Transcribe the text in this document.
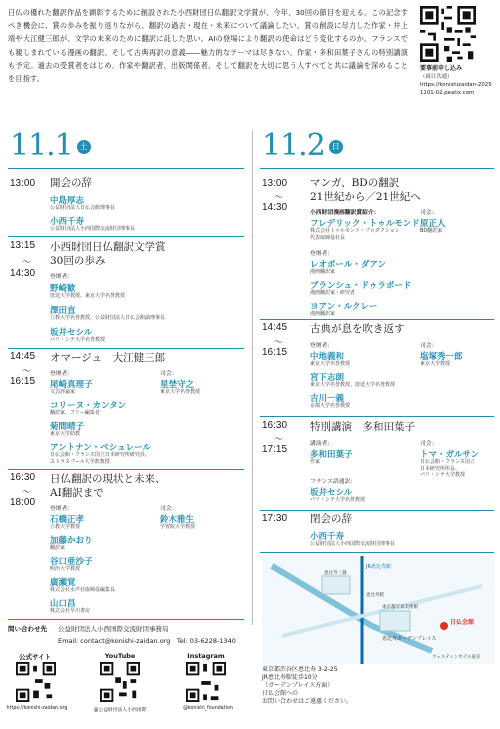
日仏の優れた翻訳作品を顕彰するために創設された小西財団日仏翻訳文学賞が、今年、30回の節目を迎える。この記念すべき機会に、賞の歩みを振り返りながら、翻訳の過去・現在・未来について議論したい。賞の創設に尽力した作家・井上靖や大江健三郎が、文学の未来のために翻訳に託した思い。AIの登場により翻訳の使命はどう変化するのか。フランスでも親しまれている漫画の翻訳、そして古典再訳の意義――魅力的なテーマは尽きない。作家・多和田葉子さんの特別講演も予定。過去の受賞者をはじめ、作家や翻訳者、出版関係者、そして翻訳を大切に思う人すべてと共に議論を深めることを目指す。
要事前申し込み
（両日共通）
https://konishizaidan-20251101-02.peatix.com
11.1 土	11.2 日
13:00 開会の辞
中島厚志
公益財団法人日仏会館理事長
小西千寿
公益財団法人小西国際交流財団理事長
13:15
～
14:30
小西財団日仏翻訳文学賞
30回の歩み
登壇者：
野崎歓
放送大学教授、東京大学名誉教授
澤田直
立教大学名誉教授、公益財団法人日仏会館副理事長
坂井セシル
パリ・シテ大学名誉教授
14:45
～
16:15
オマージュ　大江健三郎
登壇者：	司会：
尾崎真理子
文芸評論家
星埜守之
東京大学名誉教授
コリーヌ・カンタン
翻訳家、フリー編集者
菊間晴子
東京大学助教
アントナン・ベシュレール
日仏会館・フランス国立日本研究所研究員、
ストラスブール大学准教授
16:30
～
18:00
日仏翻訳の現状と未来、
AI翻訳まで
登壇者：	司会：
石橋正孝
立教大学教授
鈴木雅生
学習院大学教授
加藤かおり
翻訳家
谷口亜沙子
明治大学教授
廣瀬覚
株式会社水声社取締役編集長
山口昌
株式会社早川書房
13:00
～
14:30
マンガ、BDの翻訳
21世紀から／21世紀へ
小西財団漫画翻訳賞紹介：	司会：
フレデリック・トゥルモンド
株式会社トゥルモンド・プロダクション
代表取締役社長
原正人
BD翻訳家
登壇者：
レオポール・ダアン
漫画翻訳家
ブランシュ・ドゥラボード
漫画翻訳家・研究者
ヨアン・ルクレー
漫画翻訳家
14:45
～
16:15
古典が息を吹き返す
登壇者：	司会：
中地義和
東京大学名誉教授
塩塚秀一郎
東京大学教授
宮下志朗
東京大学名誉教授、放送大学名誉教授
吉川一義
京都大学名誉教授
16:30
～
17:15
特別講演　多和田葉子
講演者：	司会：
多和田葉子
作家
トマ・ガルサン
日仏会館・フランス国立
日本研究所所長、
パリ・シテ大学教授
フランス語通訳：
坂井セシル
パリ・シテ大学名誉教授
17:30 閉会の辞
小西千寿
公益財団法人小西国際交流財団理事長
JR恵比寿駅
恵比寿ガーデンプレイス
日仏会館
ウェスティンホテル東京
恵比寿三越
東京都写真美術館
恵比寿駅
東京都渋谷区恵比寿 3-2-25
JR恵比寿駅徒歩10分
（ガーデンプレイス方面）
日仏会館への
お問い合わせはご遠慮ください。
問い合わせ先 公益財団法人小西国際交流財団事務局
Email: contact@konishi-zaidan.org　Tel: 03-6228-1340
公式サイト	YouTube	Instagram
https://konishi-zaidan.org	@公益財団法人小西国際	@konishi_foundation
